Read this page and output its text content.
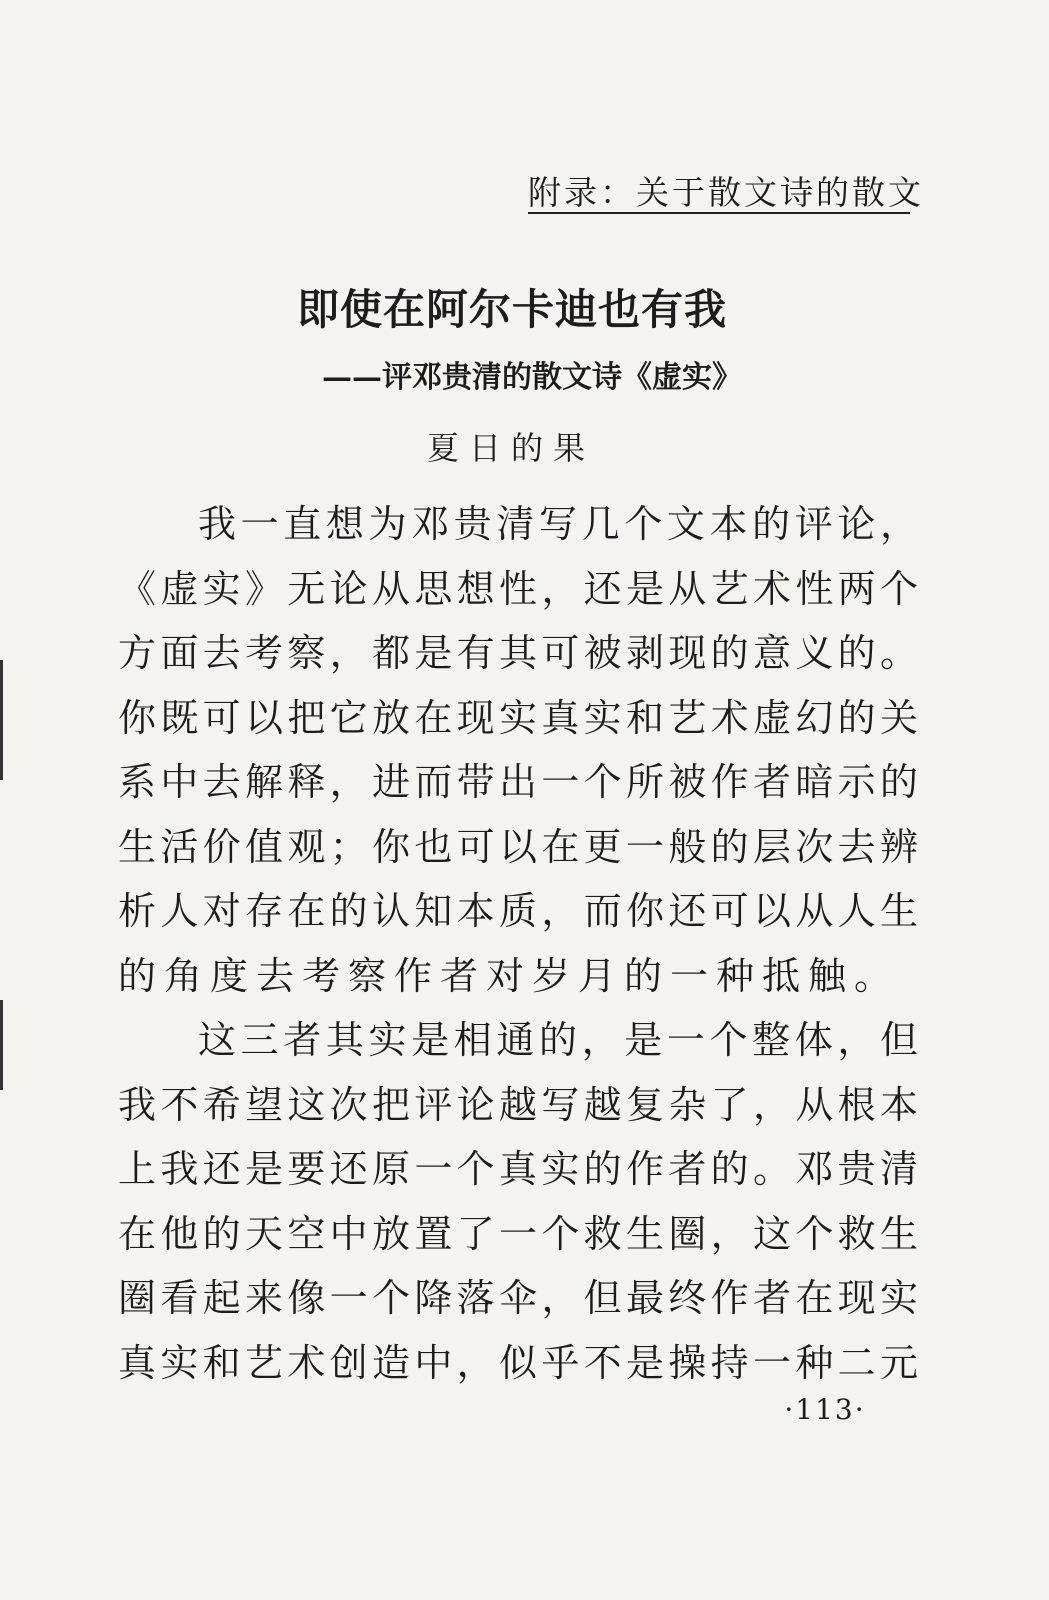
附录：关于散文诗的散文
即使在阿尔卡迪也有我
——评邓贵清的散文诗《虚实》
夏日的果
我一直想为邓贵清写几个文本的评论，
《虚实》无论从思想性，还是从艺术性两个
方面去考察，都是有其可被剥现的意义的。
你既可以把它放在现实真实和艺术虚幻的关
系中去解释，进而带出一个所被作者暗示的
生活价值观；你也可以在更一般的层次去辨
析人对存在的认知本质，而你还可以从人生
的角度去考察作者对岁月的一种抵触。
这三者其实是相通的，是一个整体，但
我不希望这次把评论越写越复杂了，从根本
上我还是要还原一个真实的作者的。邓贵清
在他的天空中放置了一个救生圈，这个救生
圈看起来像一个降落伞，但最终作者在现实
真实和艺术创造中，似乎不是操持一种二元
·113·
